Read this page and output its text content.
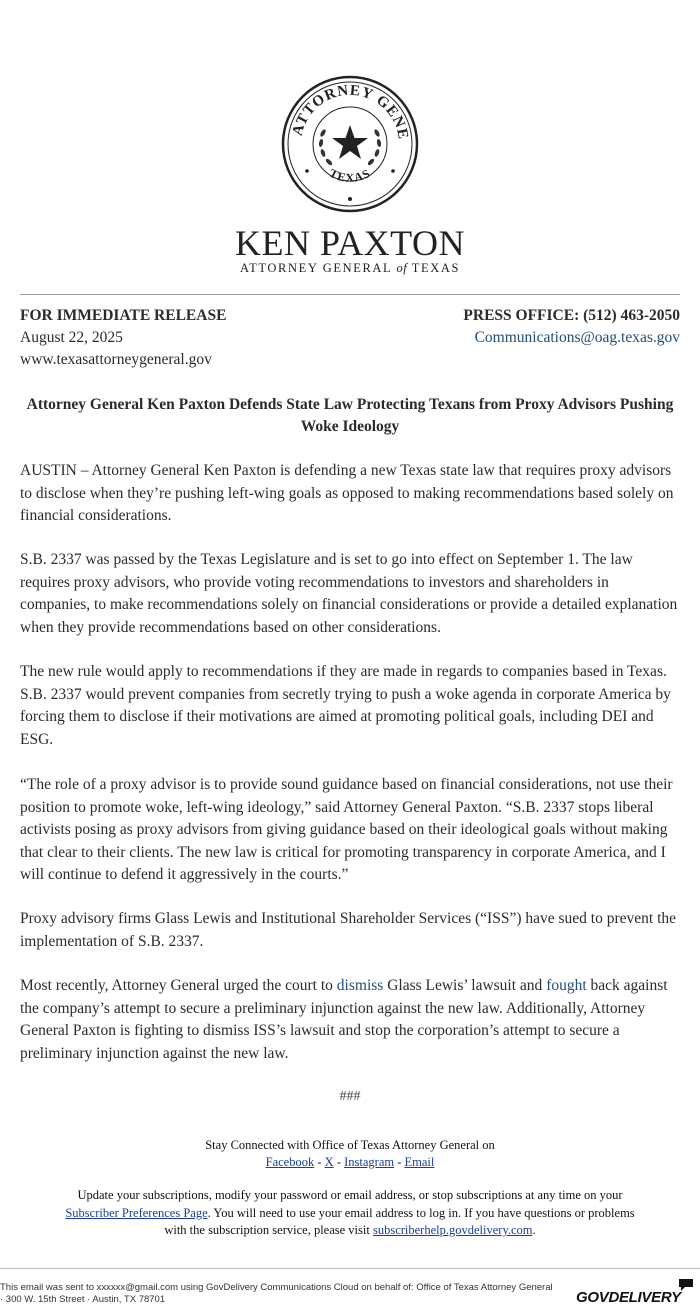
ATTORNEY GENE
TEXAS
KEN PAXTON
ATTORNEY GENERAL of TEXAS
FOR IMMEDIATE RELEASE
August 22, 2025
www.texasattorneygeneral.gov
PRESS OFFICE: (512) 463-2050
Communications@oag.texas.gov
Attorney General Ken Paxton Defends State Law Protecting Texans from Proxy Advisors Pushing Woke Ideology
AUSTIN – Attorney General Ken Paxton is defending a new Texas state law that requires proxy advisors to disclose when they’re pushing left-wing goals as opposed to making recommendations based solely on financial considerations.
S.B. 2337 was passed by the Texas Legislature and is set to go into effect on September 1. The law requires proxy advisors, who provide voting recommendations to investors and shareholders in companies, to make recommendations solely on financial considerations or provide a detailed explanation when they provide recommendations based on other considerations.
The new rule would apply to recommendations if they are made in regards to companies based in Texas. S.B. 2337 would prevent companies from secretly trying to push a woke agenda in corporate America by forcing them to disclose if their motivations are aimed at promoting political goals, including DEI and ESG.
“The role of a proxy advisor is to provide sound guidance based on financial considerations, not use their position to promote woke, left-wing ideology,” said Attorney General Paxton. “S.B. 2337 stops liberal activists posing as proxy advisors from giving guidance based on their ideological goals without making that clear to their clients. The new law is critical for promoting transparency in corporate America, and I will continue to defend it aggressively in the courts.”
Proxy advisory firms Glass Lewis and Institutional Shareholder Services (“ISS”) have sued to prevent the implementation of S.B. 2337.
Most recently, Attorney General urged the court to dismiss Glass Lewis’ lawsuit and fought back against the company’s attempt to secure a preliminary injunction against the new law. Additionally, Attorney General Paxton is fighting to dismiss ISS’s lawsuit and stop the corporation’s attempt to secure a preliminary injunction against the new law.
###
Stay Connected with Office of Texas Attorney General on
Facebook - X - Instagram - Email
Update your subscriptions, modify your password or email address, or stop subscriptions at any time on your Subscriber Preferences Page. You will need to use your email address to log in. If you have questions or problems with the subscription service, please visit subscriberhelp.govdelivery.com.
This email was sent to xxxxxx@gmail.com using GovDelivery Communications Cloud on behalf of: Office of Texas Attorney General
· 300 W. 15th Street · Austin, TX 78701	GOVDELIVERY
